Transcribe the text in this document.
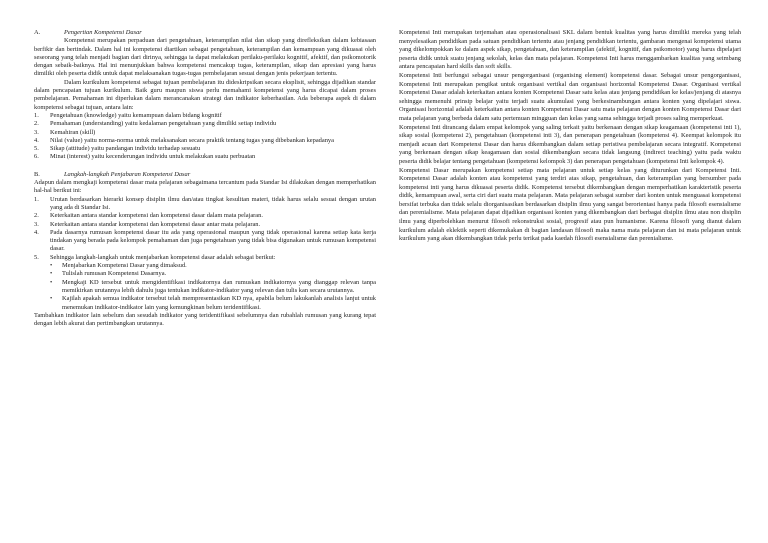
A.	Pengertian Kompetensi Dasar

Kompetensi merupakan perpaduan dari pengetahuan, keterampilan nilai dan sikap yang direfleksikan dalam kebiasaan berfikir dan bertindak. Dalam hal ini kompetensi diartikan sebagai pengetahuan, keterampilan dan kemampuan yang dikuasai oleh seseorang yang telah menjadi bagian dari dirinya, sehingga ia dapat melakukan perilaku-perilaku kognitif, afektif, dan psikomotorik dengan sebaik-baiknya. Hal ini menunjukkan bahwa kompetensi mencakup tugas, keterampilan, sikap dan apresiasi yang harus dimiliki oleh peserta didik untuk dapat melaksanakan tugas-tugas pembelajaran sesuai dengan jenis pekerjaan tertentu.

Dalam kurikulum kompetensi sebagai tujuan pembelajaran itu dideskripsikan secara eksplisit, sehingga dijadikan standar dalam pencapaian tujuan kurikulum. Baik guru maupun siswa perlu memahami kompetensi yang harus dicapai dalam proses pembelajaran. Pemahaman ini diperlukan dalam merancanakan strategi dan indikator keberhasilan. Ada beberapa aspek di dalam kompetensi sebagai tujuan, antara lain:

1.	Pengetahuan (knowledge) yaitu kemampuan dalam bidang kognitif
2.	Pemahaman (understanding) yaitu kedalaman pengetahuan yang dimiliki setiap individu
3.	Kemahiran (skill)
4.	Nilai (value) yaitu norma-norma untuk melaksanakan secara praktik tentang tugas yang dibebankan kepadanya
5.	Sikap (attitude) yaitu pandangan individu terhadap sesuatu
6.	Minat (interest) yaitu kecenderungan individu untuk melakukan suatu perbuatan
B.	Langkah-langkah Penjabaran Kompetensi Dasar

Adapun dalam mengkaji kompetensi dasar mata pelajaran sebagaimana tercantum pada Standar Isi dilakukan dengan memperhatikan hal-hal berikut ini:

1.	Urutan berdasarkan hierarki konsep disiplin ilmu dan/atau tingkat kesulitan materi, tidak harus selalu sesuai dengan urutan yang ada di Standar Isi.
2.	Keterkaitan antara standar kompetensi dan kompetensi dasar dalam mata pelajaran.
3.	Keterkaitan antara standar kompetensi dan kompetensi dasar antar mata pelajaran.
4.	Pada dasarnya rumusan kompetensi dasar itu ada yang operasional maupun yang tidak operasional karena setiap kata kerja tindakan yang berada pada kelompok pemahaman dan juga pengetahuan yang tidak bisa digunakan untuk rumusan kompetensi dasar.
5.	Sehingga langkah-langkah untuk menjabarkan kompetensi dasar adalah sebagai berikut:
•	Menjabarkan Kompetensi Dasar yang dimaksud.
•	Tulislah rumusan Kompetensi Dasarnya.
•	Mengkaji KD tersebut untuk mengidentifikasi indikatornya dan rumuskan indikatornya yang dianggap relevan tanpa memikirkan urutannya lebih dahulu juga tentukan indikator-indikator yang relevan dan tulis kan secara urutannya.
•	Kajilah apakah semua indikator tersebut telah mempresentasikan KD nya, apabila belum lakukanlah analisis lanjut untuk menemukan indikator-indikator lain yang kemungkinan belum teridentifikasi.

Tambahkan indikator lain sebelum dan sesudah indikator yang teridentifikasi sebelumnya dan rubahlah rumusan yang kurang tepat dengan lebih akurat dan pertimbangkan urutannya.

Kompetensi Inti merupakan terjemahan atau operasionalisasi SKL dalam bentuk kualitas yang harus dimiliki mereka yang telah menyelesaikan pendidikan pada satuan pendidikan tertentu atau jenjang pendidikan tertentu, gambaran mengenai kompetensi utama yang dikelompokkan ke dalam aspek sikap, pengetahuan, dan keterampilan (afektif, kognitif, dan psikomotor) yang harus dipelajari peserta didik untuk suatu jenjang sekolah, kelas dan mata pelajaran. Kompetensi Inti harus menggambarkan kualitas yang seimbang antara pencapaian hard skills dan soft skills.

Kompetensi Inti berfungsi sebagai unsur pengorganisasi (organising element) kompetensi dasar. Sebagai unsur pengorganisasi, Kompetensi Inti merupakan pengikat untuk organisasi vertikal dan organisasi horizontal Kompetensi Dasar. Organisasi vertikal Kompetensi Dasar adalah keterkaitan antara konten Kompetensi Dasar satu kelas atau jenjang pendidikan ke kelas/jenjang di atasnya sehingga memenuhi prinsip belajar yaitu terjadi suatu akumulasi yang berkesinambungan antara konten yang dipelajari siswa. Organisasi horizontal adalah keterkaitan antara konten Kompetensi Dasar satu mata pelajaran dengan konten Kompetensi Dasar dari mata pelajaran yang berbeda dalam satu pertemuan mingguan dan kelas yang sama sehingga terjadi proses saling memperkuat.

Kompetensi Inti dirancang dalam empat kelompok yang saling terkait yaitu berkenaan dengan sikap keagamaan (kompetensi inti 1), sikap sosial (kompetensi 2), pengetahuan (kompetensi inti 3), dan penerapan pengetahuan (kompetensi 4). Keempat kelompok itu menjadi acuan dari Kompetensi Dasar dan harus dikembangkan dalam setiap peristiwa pembelajaran secara integratif. Kompetensi yang berkenaan dengan sikap keagamaan dan sosial dikembangkan secara tidak langsung (indirect teaching) yaitu pada waktu peserta didik belajar tentang pengetahuan (kompetensi kelompok 3) dan penerapan pengetahuan (kompetensi Inti kelompok 4).

Kompetensi Dasar merupakan kompetensi setiap mata pelajaran untuk setiap kelas yang diturunkan dari Kompetensi Inti. Kompetensi Dasar adalah konten atau kompetensi yang terdiri atas sikap, pengetahuan, dan keterampilan yang bersumber pada kompetensi inti yang harus dikuasai peserta didik. Kompetensi tersebut dikembangkan dengan memperhatikan karakteristik peserta didik, kemampuan awal, serta ciri dari suatu mata pelajaran. Mata pelajaran sebagai sumber dari konten untuk menguasai kompetensi bersifat terbuka dan tidak selalu diorganisasikan berdasarkan disiplin ilmu yang sangat berorientasi hanya pada filosofi esensialisme dan perenialisme. Mata pelajaran dapat dijadikan organisasi konten yang dikembangkan dari berbagai disiplin ilmu atau non disiplin ilmu yang diperbolehkan menurut filosofi rekonstruksi sosial, progresif atau pun humanisme. Karena filosofi yang dianut dalam kurikulum adalah eklektik seperti dikemukakan di bagian landasan filosofi maka nama mata pelajaran dan isi mata pelajaran untuk kurikulum yang akan dikembangkan tidak perlu terikat pada kaedah filosofi esensialisme dan perenialisme.
